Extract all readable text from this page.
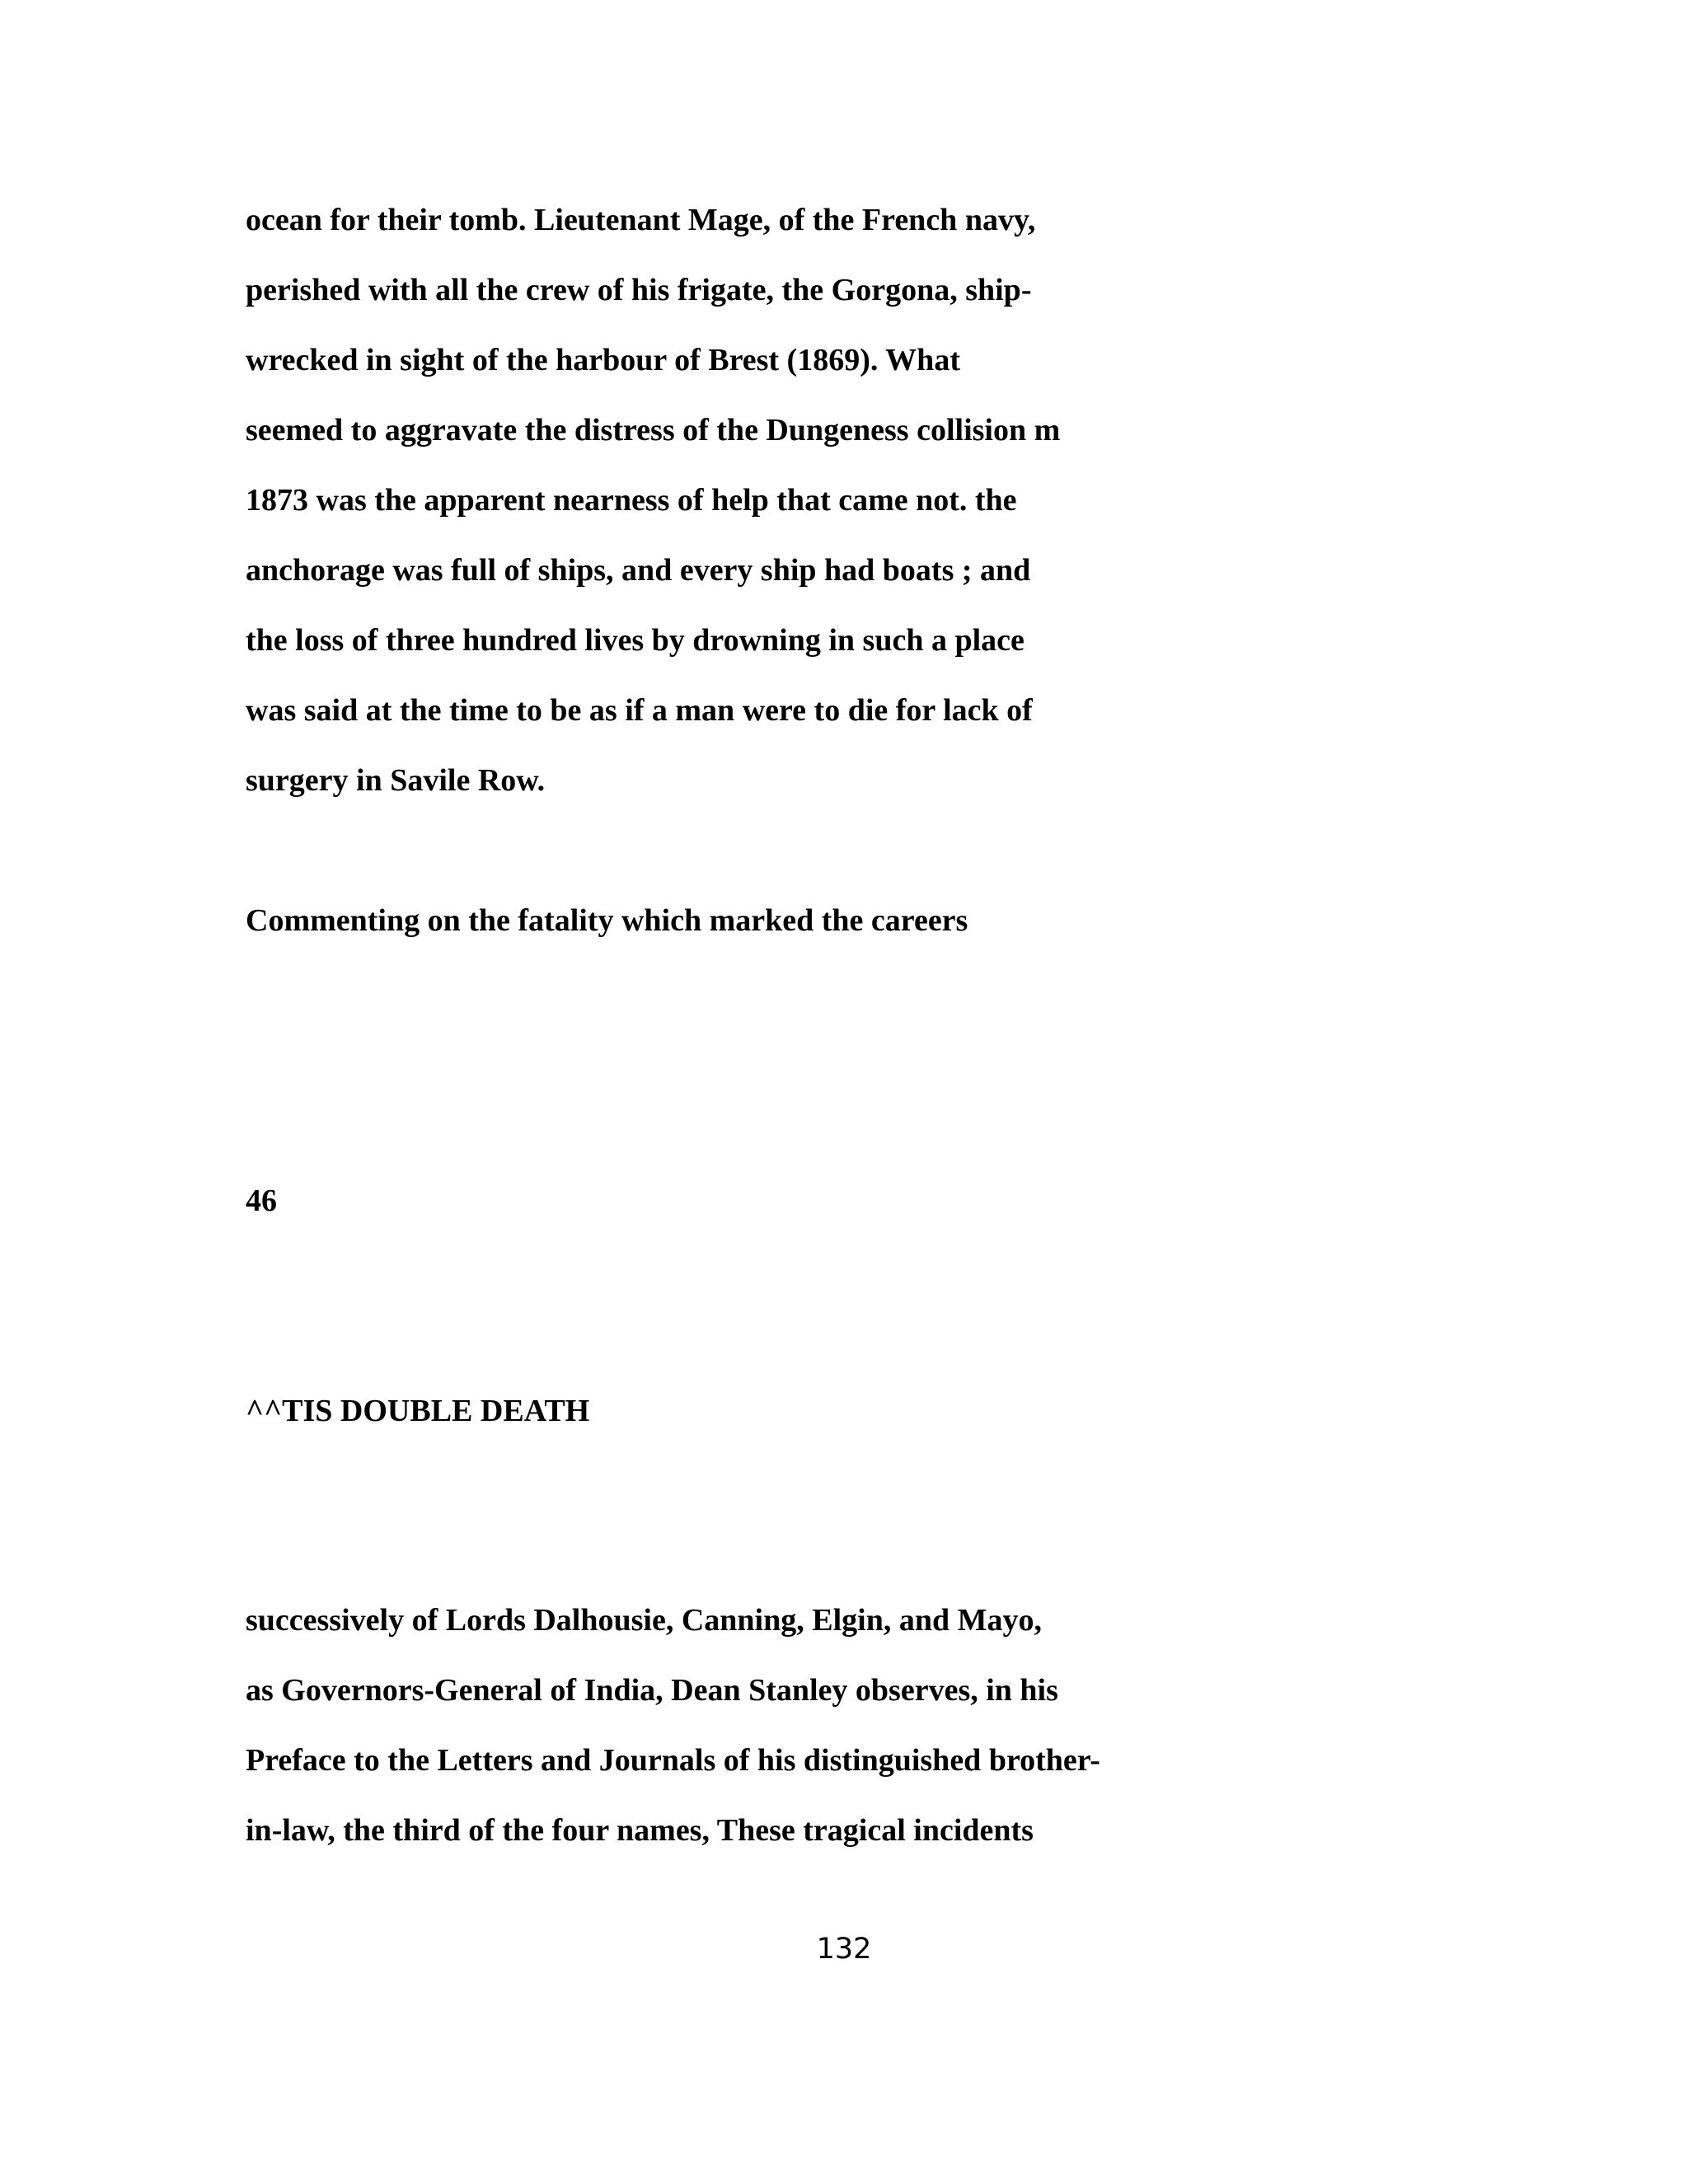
ocean for their tomb. Lieutenant Mage, of the French navy,

perished with all the crew of his frigate, the Gorgona, ship-

wrecked in sight of the harbour of Brest (1869). What

seemed to aggravate the distress of the Dungeness collision m

1873 was the apparent nearness of help that came not. the

anchorage was full of ships, and every ship had boats ; and

the loss of three hundred lives by drowning in such a place

was said at the time to be as if a man were to die for lack of

surgery in Savile Row.

Commenting on the fatality which marked the careers

46

^^TIS DOUBLE DEATH

successively of Lords Dalhousie, Canning, Elgin, and Mayo,

as Governors-General of India, Dean Stanley observes, in his

Preface to the Letters and Journals of his distinguished brother-

in-law, the third of the four names, These tragical incidents

132
